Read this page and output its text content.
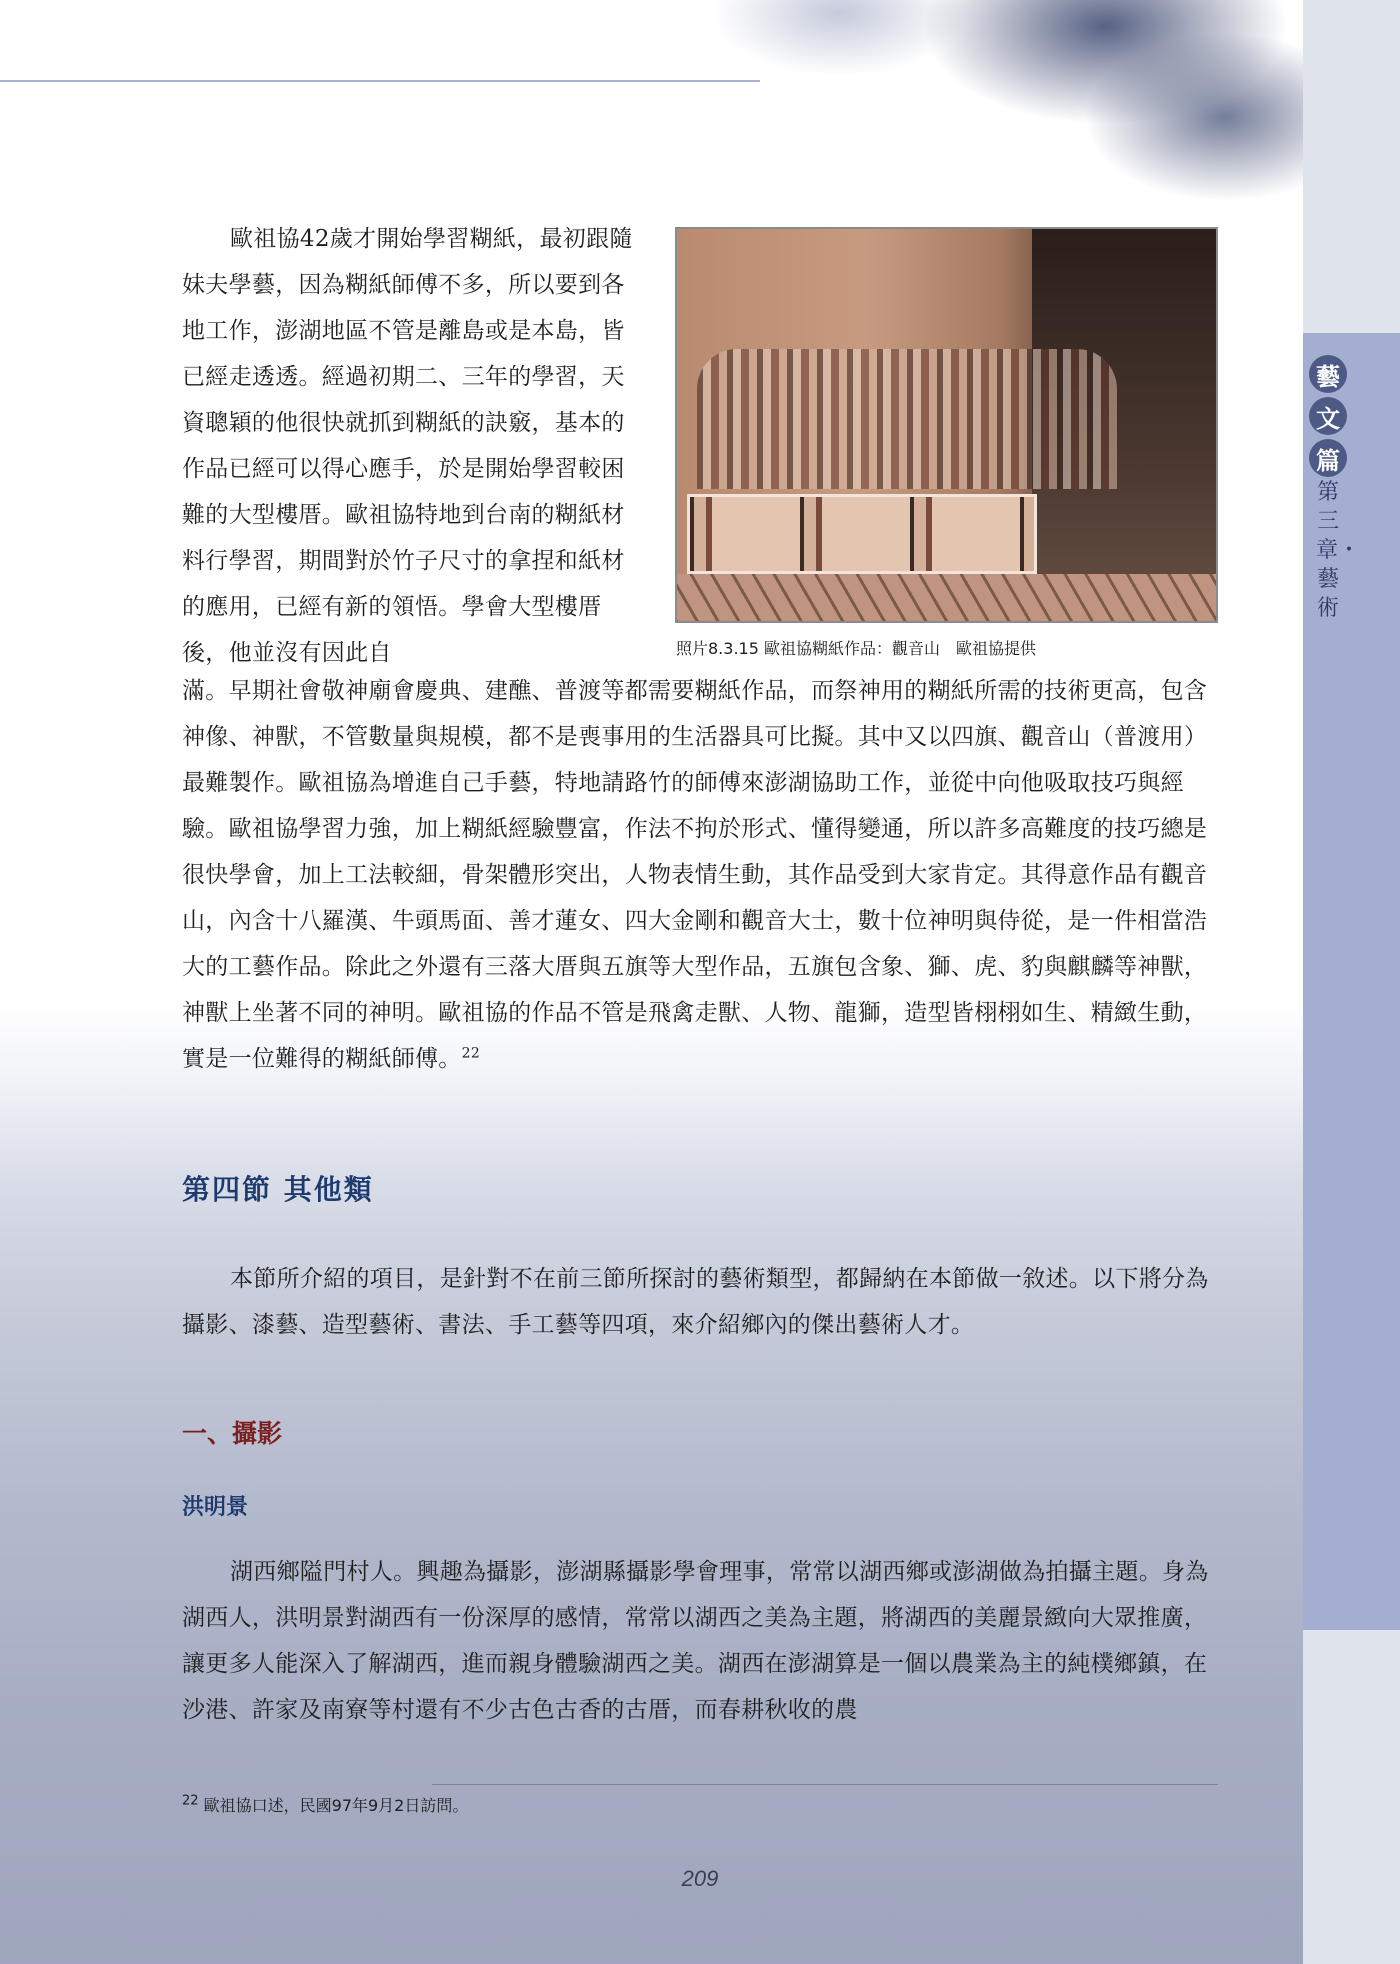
藝
文
篇
第三章・藝術

歐祖協42歲才開始學習糊紙，最初跟隨妹夫學藝，因為糊紙師傅不多，所以要到各地工作，澎湖地區不管是離島或是本島，皆已經走透透。經過初期二、三年的學習，天資聰穎的他很快就抓到糊紙的訣竅，基本的作品已經可以得心應手，於是開始學習較困難的大型樓厝。歐祖協特地到台南的糊紙材料行學習，期間對於竹子尺寸的拿捏和紙材的應用，已經有新的領悟。學會大型樓厝後，他並沒有因此自	照片8.3.15 歐祖協糊紙作品：觀音山　歐祖協提供

滿。早期社會敬神廟會慶典、建醮、普渡等都需要糊紙作品，而祭神用的糊紙所需的技術更高，包含神像、神獸，不管數量與規模，都不是喪事用的生活器具可比擬。其中又以四旗、觀音山（普渡用）最難製作。歐祖協為增進自己手藝，特地請路竹的師傅來澎湖協助工作，並從中向他吸取技巧與經驗。歐祖協學習力強，加上糊紙經驗豐富，作法不拘於形式、懂得變通，所以許多高難度的技巧總是很快學會，加上工法較細，骨架體形突出，人物表情生動，其作品受到大家肯定。其得意作品有觀音山，內含十八羅漢、牛頭馬面、善才蓮女、四大金剛和觀音大士，數十位神明與侍從，是一件相當浩大的工藝作品。除此之外還有三落大厝與五旗等大型作品，五旗包含象、獅、虎、豹與麒麟等神獸，神獸上坐著不同的神明。歐祖協的作品不管是飛禽走獸、人物、龍獅，造型皆栩栩如生、精緻生動，實是一位難得的糊紙師傅。$^{22}$

第四節 其他類

本節所介紹的項目，是針對不在前三節所探討的藝術類型，都歸納在本節做一敘述。以下將分為攝影、漆藝、造型藝術、書法、手工藝等四項，來介紹鄉內的傑出藝術人才。

一、攝影
洪明景

湖西鄉隘門村人。興趣為攝影，澎湖縣攝影學會理事，常常以湖西鄉或澎湖做為拍攝主題。身為湖西人，洪明景對湖西有一份深厚的感情，常常以湖西之美為主題，將湖西的美麗景緻向大眾推廣，讓更多人能深入了解湖西，進而親身體驗湖西之美。湖西在澎湖算是一個以農業為主的純樸鄉鎮，在沙港、許家及南寮等村還有不少古色古香的古厝，而春耕秋收的農

$^{22}$ 歐祖協口述，民國97年9月2日訪問。
209
